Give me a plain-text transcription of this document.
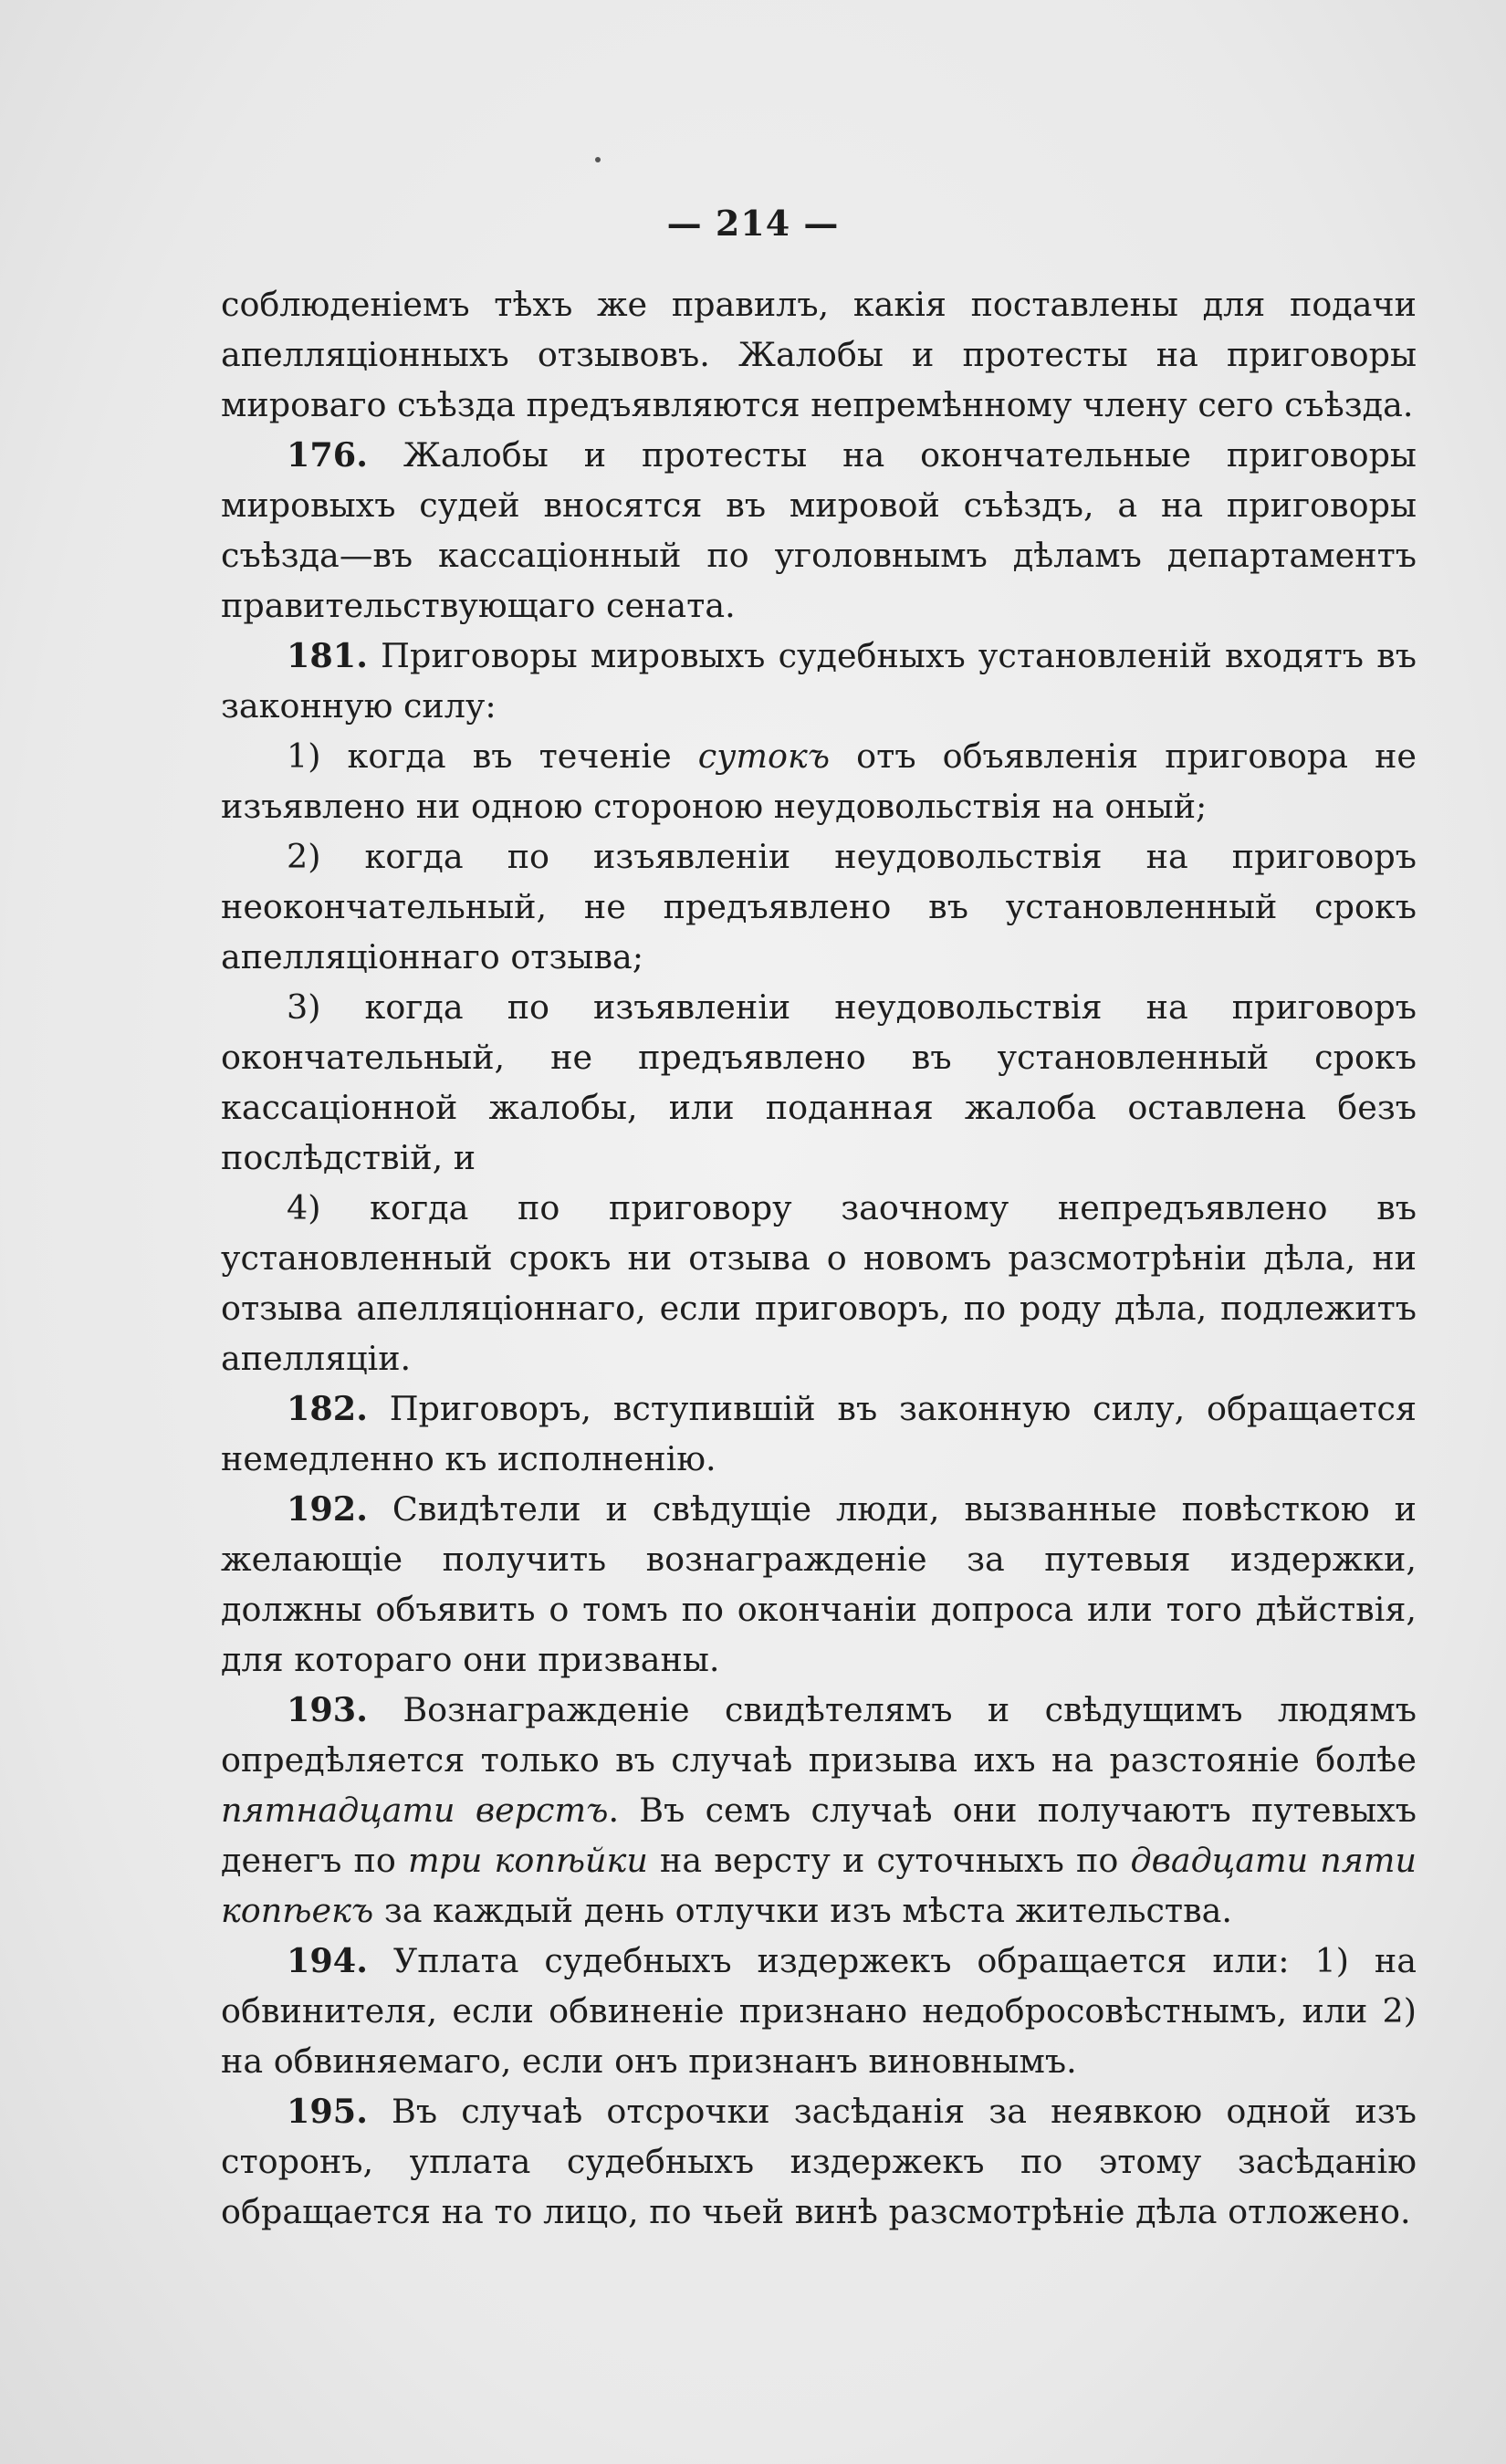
— 214 —

соблюденіемъ тѣхъ же правилъ, какія поставлены для подачи апелляціонныхъ отзывовъ. Жалобы и протесты на приговоры мироваго съѣзда предъявляются непремѣнному члену сего съѣзда.

176. Жалобы и протесты на окончательные приговоры мировыхъ судей вносятся въ мировой съѣздъ, а на приговоры съѣзда—въ кассаціонный по уголовнымъ дѣламъ департаментъ правительствующаго сената.

181. Приговоры мировыхъ судебныхъ установленій входятъ въ законную силу:

1) когда въ теченіе сутокъ отъ объявленія приговора не изъявлено ни одною стороною неудовольствія на оный;

2) когда по изъявленіи неудовольствія на приговоръ неокончательный, не предъявлено въ установленный срокъ апелляціоннаго отзыва;

3) когда по изъявленіи неудовольствія на приговоръ окончательный, не предъявлено въ установленный срокъ кассаціонной жалобы, или поданная жалоба оставлена безъ послѣдствій, и

4) когда по приговору заочному непредъявлено въ установленный срокъ ни отзыва о новомъ разсмотрѣніи дѣла, ни отзыва апелляціоннаго, если приговоръ, по роду дѣла, подлежитъ апелляціи.

182. Приговоръ, вступившій въ законную силу, обращается немедленно къ исполненію.

192. Свидѣтели и свѣдущіе люди, вызванные повѣсткою и желающіе получить вознагражденіе за путевыя издержки, должны объявить о томъ по окончаніи допроса или того дѣйствія, для котораго они призваны.

193. Вознагражденіе свидѣтелямъ и свѣдущимъ людямъ опредѣляется только въ случаѣ призыва ихъ на разстояніе болѣе пятнадцати верстъ. Въ семъ случаѣ они получаютъ путевыхъ денегъ по три копѣйки на версту и суточныхъ по двадцати пяти копѣекъ за каждый день отлучки изъ мѣста жительства.

194. Уплата судебныхъ издержекъ обращается или: 1) на обвинителя, если обвиненіе признано недобросовѣстнымъ, или 2) на обвиняемаго, если онъ признанъ виновнымъ.

195. Въ случаѣ отсрочки засѣданія за неявкою одной изъ сторонъ, уплата судебныхъ издержекъ по этому засѣданію обращается на то лицо, по чьей винѣ разсмотрѣніе дѣла отложено.
